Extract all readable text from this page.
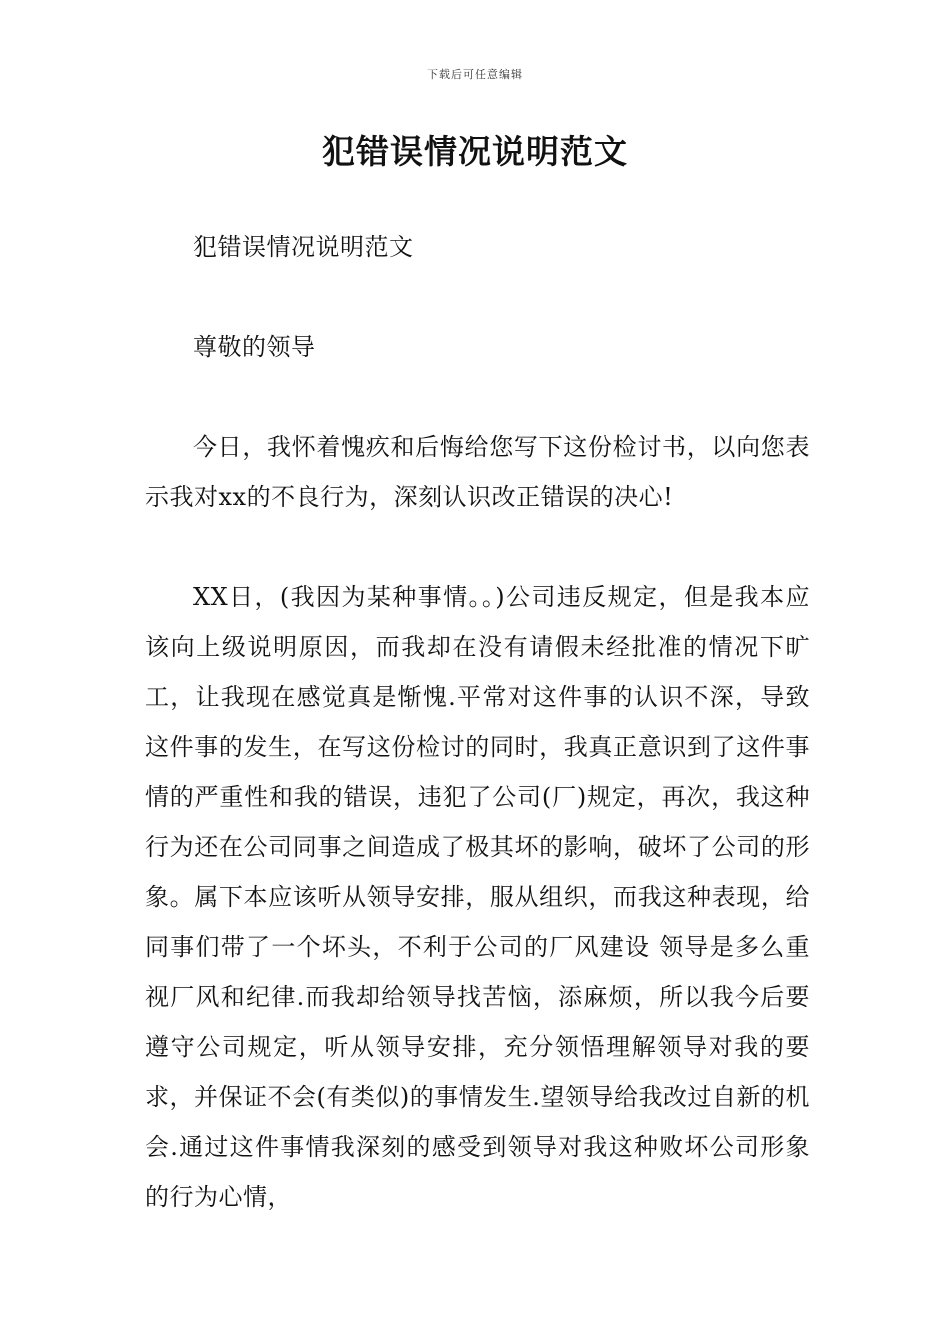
下载后可任意编辑
犯错误情况说明范文

犯错误情况说明范文

尊敬的领导

今日，我怀着愧疚和后悔给您写下这份检讨书，以向您表示我对xx的不良行为，深刻认识改正错误的决心!

XX日，(我因为某种事情。。)公司违反规定，但是我本应该向上级说明原因，而我却在没有请假未经批准的情况下旷工，让我现在感觉真是惭愧.平常对这件事的认识不深，导致这件事的发生，在写这份检讨的同时，我真正意识到了这件事情的严重性和我的错误，违犯了公司(厂)规定，再次，我这种行为还在公司同事之间造成了极其坏的影响，破坏了公司的形象。属下本应该听从领导安排，服从组织，而我这种表现，给同事们带了一个坏头，不利于公司的厂风建设 领导是多么重视厂风和纪律.而我却给领导找苦恼，添麻烦，所以我今后要遵守公司规定，听从领导安排，充分领悟理解领导对我的要求，并保证不会(有类似)的事情发生.望领导给我改过自新的机会.通过这件事情我深刻的感受到领导对我这种败坏公司形象的行为心情，
